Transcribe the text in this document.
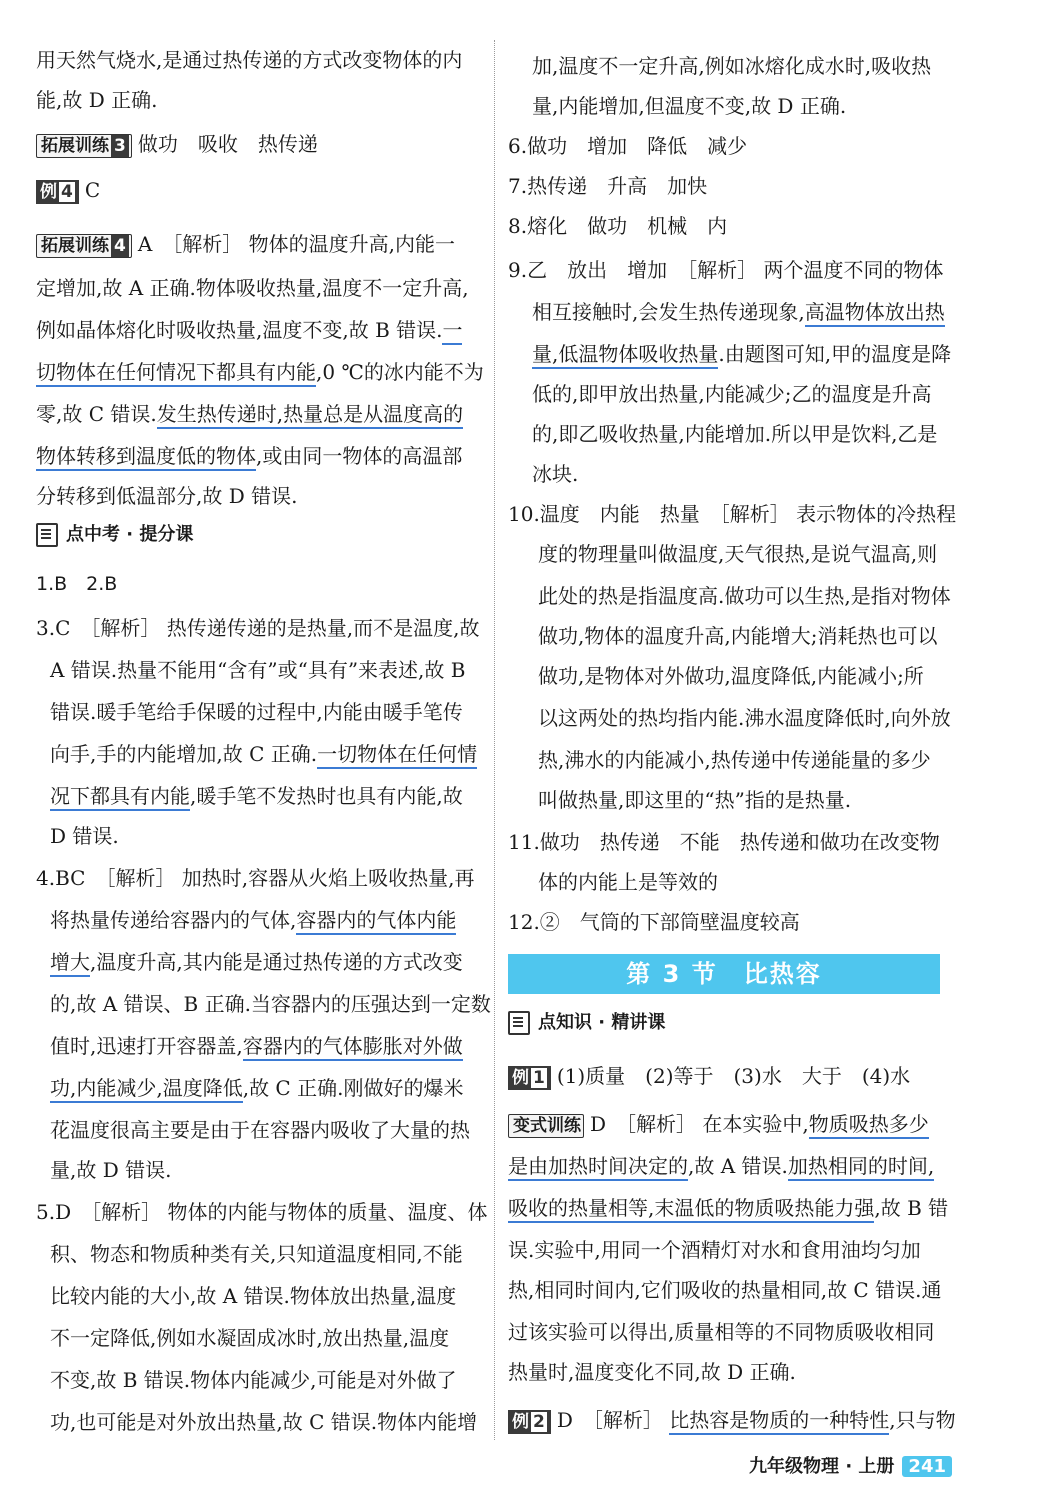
用天然气烧水,是通过热传递的方式改变物体的内
能,故 D 正确.
拓展训练 3 做功　吸收　热传递
例 4 C
拓展训练 4 A　［解析］ 物体的温度升高,内能一
定增加,故 A 正确.物体吸收热量,温度不一定升高,
例如晶体熔化时吸收热量,温度不变,故 B 错误.一
切物体在任何情况下都具有内能,0 ℃的冰内能不为
零,故 C 错误.发生热传递时,热量总是从温度高的
物体转移到温度低的物体,或由同一物体的高温部
分转移到低温部分,故 D 错误.
点中考 · 提分课
1.B　2.B
3.C　［解析］ 热传递传递的是热量,而不是温度,故
A 错误.热量不能用“含有”或“具有”来表述,故 B
错误.暖手笔给手保暖的过程中,内能由暖手笔传
向手,手的内能增加,故 C 正确.一切物体在任何情
况下都具有内能,暖手笔不发热时也具有内能,故
D 错误.
4.BC　［解析］ 加热时,容器从火焰上吸收热量,再
将热量传递给容器内的气体,容器内的气体内能
增大,温度升高,其内能是通过热传递的方式改变
的,故 A 错误、B 正确.当容器内的压强达到一定数
值时,迅速打开容器盖,容器内的气体膨胀对外做
功,内能减少,温度降低,故 C 正确.刚做好的爆米
花温度很高主要是由于在容器内吸收了大量的热
量,故 D 错误.
5.D　［解析］ 物体的内能与物体的质量、温度、体
积、物态和物质种类有关,只知道温度相同,不能
比较内能的大小,故 A 错误.物体放出热量,温度
不一定降低,例如水凝固成冰时,放出热量,温度
不变,故 B 错误.物体内能减少,可能是对外做了
功,也可能是对外放出热量,故 C 错误.物体内能增
加,温度不一定升高,例如冰熔化成水时,吸收热
量,内能增加,但温度不变,故 D 正确.
6.做功　增加　降低　减少
7.热传递　升高　加快
8.熔化　做功　机械　内
9.乙　放出　增加　［解析］ 两个温度不同的物体
相互接触时,会发生热传递现象,高温物体放出热
量,低温物体吸收热量.由题图可知,甲的温度是降
低的,即甲放出热量,内能减少;乙的温度是升高
的,即乙吸收热量,内能增加.所以甲是饮料,乙是
冰块.
10.温度　内能　热量　［解析］ 表示物体的冷热程
度的物理量叫做温度,天气很热,是说气温高,则
此处的热是指温度高.做功可以生热,是指对物体
做功,物体的温度升高,内能增大;消耗热也可以
做功,是物体对外做功,温度降低,内能减小;所
以这两处的热均指内能.沸水温度降低时,向外放
热,沸水的内能减小,热传递中传递能量的多少
叫做热量,即这里的“热”指的是热量.
11.做功　热传递　不能　热传递和做功在改变物
体的内能上是等效的
12.②　气筒的下部筒壁温度较高
第 3 节　比热容
点知识 · 精讲课
例 1 (1)质量　(2)等于　(3)水　大于　(4)水
变式训练 D　［解析］ 在本实验中,物质吸热多少
是由加热时间决定的,故 A 错误.加热相同的时间,
吸收的热量相等,末温低的物质吸热能力强,故 B 错
误.实验中,用同一个酒精灯对水和食用油均匀加
热,相同时间内,它们吸收的热量相同,故 C 错误.通
过该实验可以得出,质量相等的不同物质吸收相同
热量时,温度变化不同,故 D 正确.
例 2 D　［解析］ 比热容是物质的一种特性,只与物
九年级物理 · 上册 241
